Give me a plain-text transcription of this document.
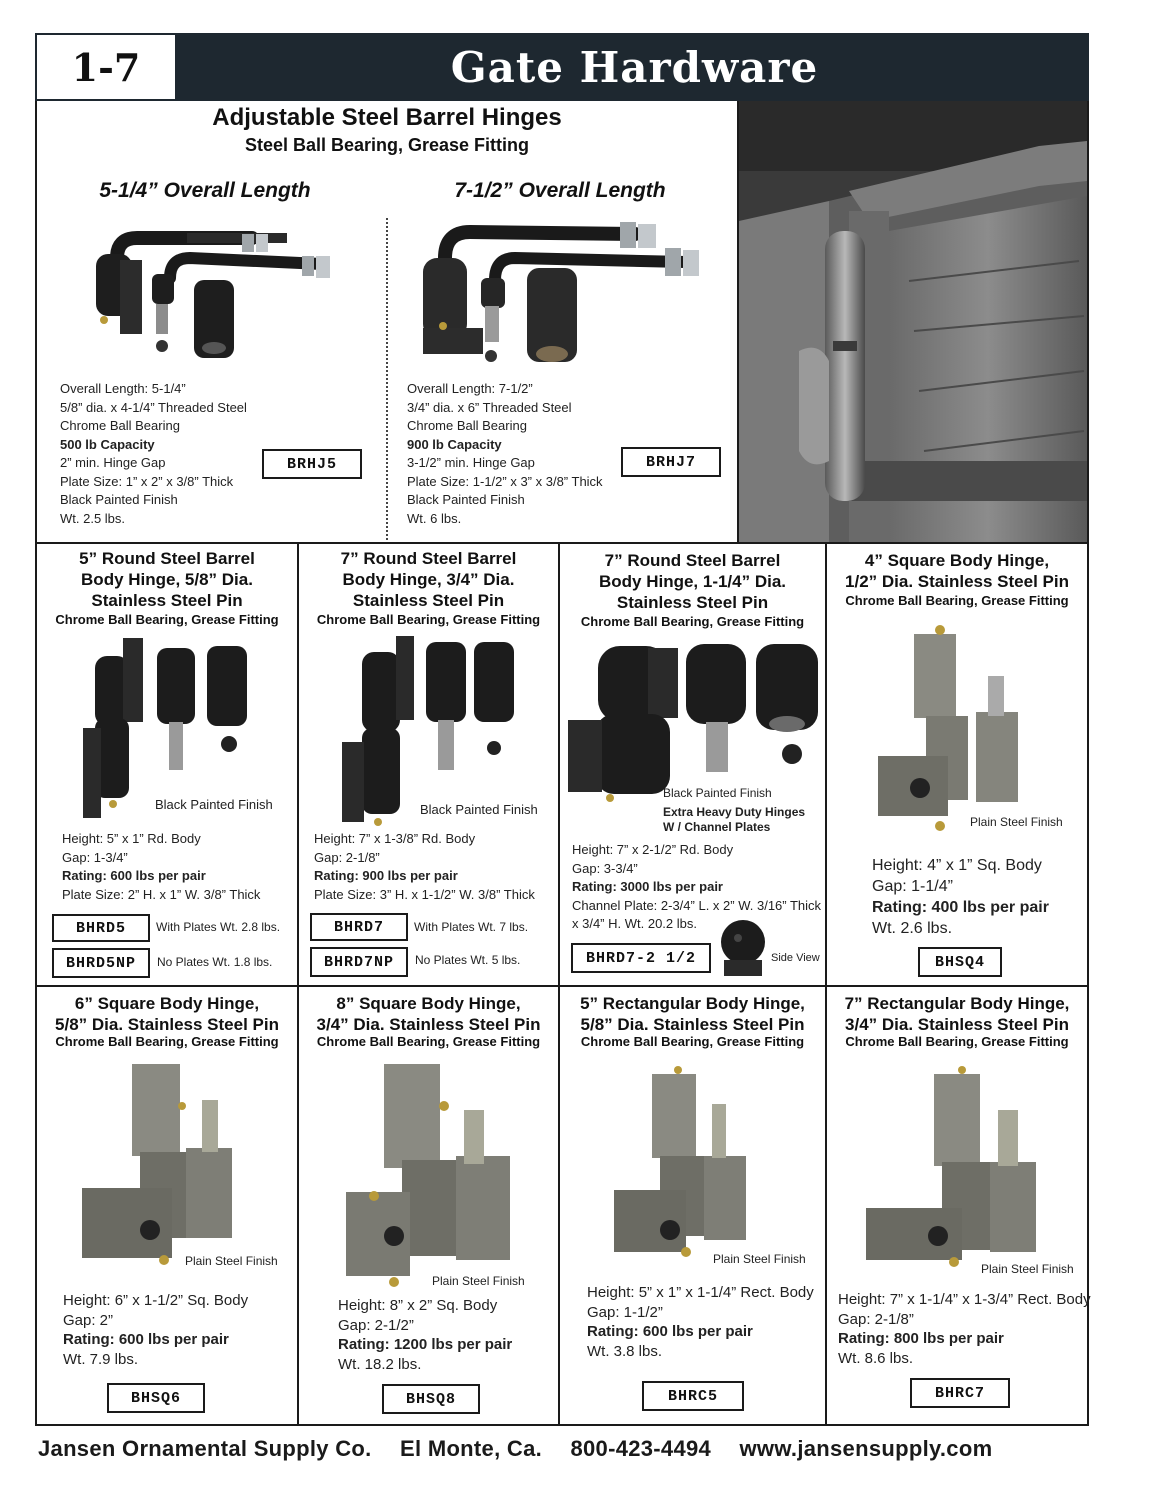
1-7	Gate Hardware
Adjustable Steel Barrel Hinges
Steel Ball Bearing, Grease Fitting
5-1/4” Overall Length	7-1/2” Overall Length
Overall Length: 5-1/4”
5/8” dia. x 4-1/4” Threaded Steel
Chrome Ball Bearing
500 lb Capacity
2” min. Hinge Gap
Plate Size: 1” x 2” x 3/8” Thick
Black Painted Finish
Wt. 2.5 lbs.
BRHJ5
Overall Length: 7-1/2”
3/4” dia. x 6” Threaded Steel
Chrome Ball Bearing
900 lb Capacity
3-1/2” min. Hinge Gap
Plate Size: 1-1/2” x 3” x 3/8” Thick
Black Painted Finish
Wt. 6 lbs.
BRHJ7
5” Round Steel Barrel
Body Hinge, 5/8” Dia.
Stainless Steel Pin
Chrome Ball Bearing, Grease Fitting
Black Painted Finish
Height: 5” x 1” Rd. Body
Gap: 1-3/4”
Rating: 600 lbs per pair
Plate Size: 2” H. x 1” W. 3/8” Thick
BHRD5	With Plates Wt. 2.8 lbs.
BHRD5NP	No Plates Wt. 1.8 lbs.
7” Round Steel Barrel
Body Hinge, 3/4” Dia.
Stainless Steel Pin
Chrome Ball Bearing, Grease Fitting
Black Painted Finish
Height: 7” x 1-3/8” Rd. Body
Gap: 2-1/8”
Rating: 900 lbs per pair
Plate Size: 3” H. x 1-1/2” W. 3/8” Thick
BHRD7	With Plates Wt. 7 lbs.
BHRD7NP	No Plates Wt. 5 lbs.
7” Round Steel Barrel
Body Hinge, 1-1/4” Dia.
Stainless Steel Pin
Chrome Ball Bearing, Grease Fitting
Black Painted Finish
Extra Heavy Duty Hinges
W / Channel Plates
Height: 7” x 2-1/2” Rd. Body
Gap: 3-3/4”
Rating: 3000 lbs per pair
Channel Plate: 2-3/4” L. x 2” W. 3/16” Thick
x 3/4” H. Wt. 20.2 lbs.
BHRD7-2 1/2	Side View
4” Square Body Hinge,
1/2” Dia. Stainless Steel Pin
Chrome Ball Bearing, Grease Fitting
Plain Steel Finish
Height: 4” x 1” Sq. Body
Gap: 1-1/4”
Rating: 400 lbs per pair
Wt. 2.6 lbs.
BHSQ4
6” Square Body Hinge,
5/8” Dia. Stainless Steel Pin
Chrome Ball Bearing, Grease Fitting
Plain Steel Finish
Height: 6” x 1-1/2” Sq. Body
Gap: 2”
Rating: 600 lbs per pair
Wt. 7.9 lbs.
BHSQ6
8” Square Body Hinge,
3/4” Dia. Stainless Steel Pin
Chrome Ball Bearing, Grease Fitting
Plain Steel Finish
Height: 8” x 2” Sq. Body
Gap: 2-1/2”
Rating: 1200 lbs per pair
Wt. 18.2 lbs.
BHSQ8
5” Rectangular Body Hinge,
5/8” Dia. Stainless Steel Pin
Chrome Ball Bearing, Grease Fitting
Plain Steel Finish
Height: 5” x 1” x 1-1/4” Rect. Body
Gap: 1-1/2”
Rating: 600 lbs per pair
Wt. 3.8 lbs.
BHRC5
7” Rectangular Body Hinge,
3/4” Dia. Stainless Steel Pin
Chrome Ball Bearing, Grease Fitting
Plain Steel Finish
Height: 7” x 1-1/4” x 1-3/4” Rect. Body
Gap: 2-1/8”
Rating: 800 lbs per pair
Wt. 8.6 lbs.
BHRC7
Jansen Ornamental Supply Co. El Monte, Ca. 800-423-4494 www.jansensupply.com
